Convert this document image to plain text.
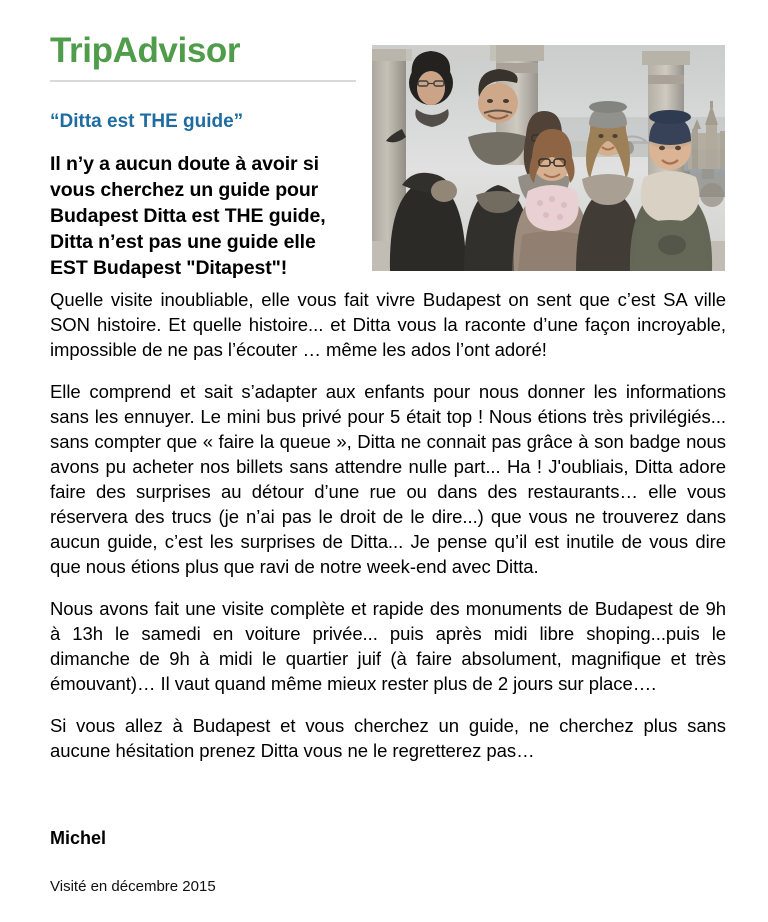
TripAdvisor
“Ditta est THE guide”
Il n’y a aucun doute à avoir si vous cherchez un guide pour Budapest Ditta est THE guide, Ditta n’est pas une guide elle EST Budapest "Ditapest"!

Quelle visite inoubliable, elle vous fait vivre Budapest on sent que c’est SA ville SON histoire. Et quelle histoire... et Ditta vous la raconte d’une façon incroyable, impossible de ne pas l’écouter … même les ados l’ont adoré!

Elle comprend et sait s’adapter aux enfants pour nous donner les informations sans les ennuyer. Le mini bus privé pour 5 était top ! Nous étions très privilégiés... sans compter que « faire la queue », Ditta ne connait pas grâce à son badge nous avons pu acheter nos billets sans attendre nulle part... Ha ! J'oubliais, Ditta adore faire des surprises au détour d’une rue ou dans des restaurants… elle vous réservera des trucs (je n’ai pas le droit de le dire...) que vous ne trouverez dans aucun guide, c’est les surprises de Ditta... Je pense qu’il est inutile de vous dire que nous étions plus que ravi de notre week-end avec Ditta.

Nous avons fait une visite complète et rapide des monuments de Budapest de 9h à 13h le samedi en voiture privée... puis après midi libre shoping...puis le dimanche de 9h à midi le quartier juif (à faire absolument, magnifique et très émouvant)… Il vaut quand même mieux rester plus de 2 jours sur place….

Si vous allez à Budapest et vous cherchez un guide, ne cherchez plus sans aucune hésitation prenez Ditta vous ne le regretterez pas…

Michel
Visité en décembre 2015
